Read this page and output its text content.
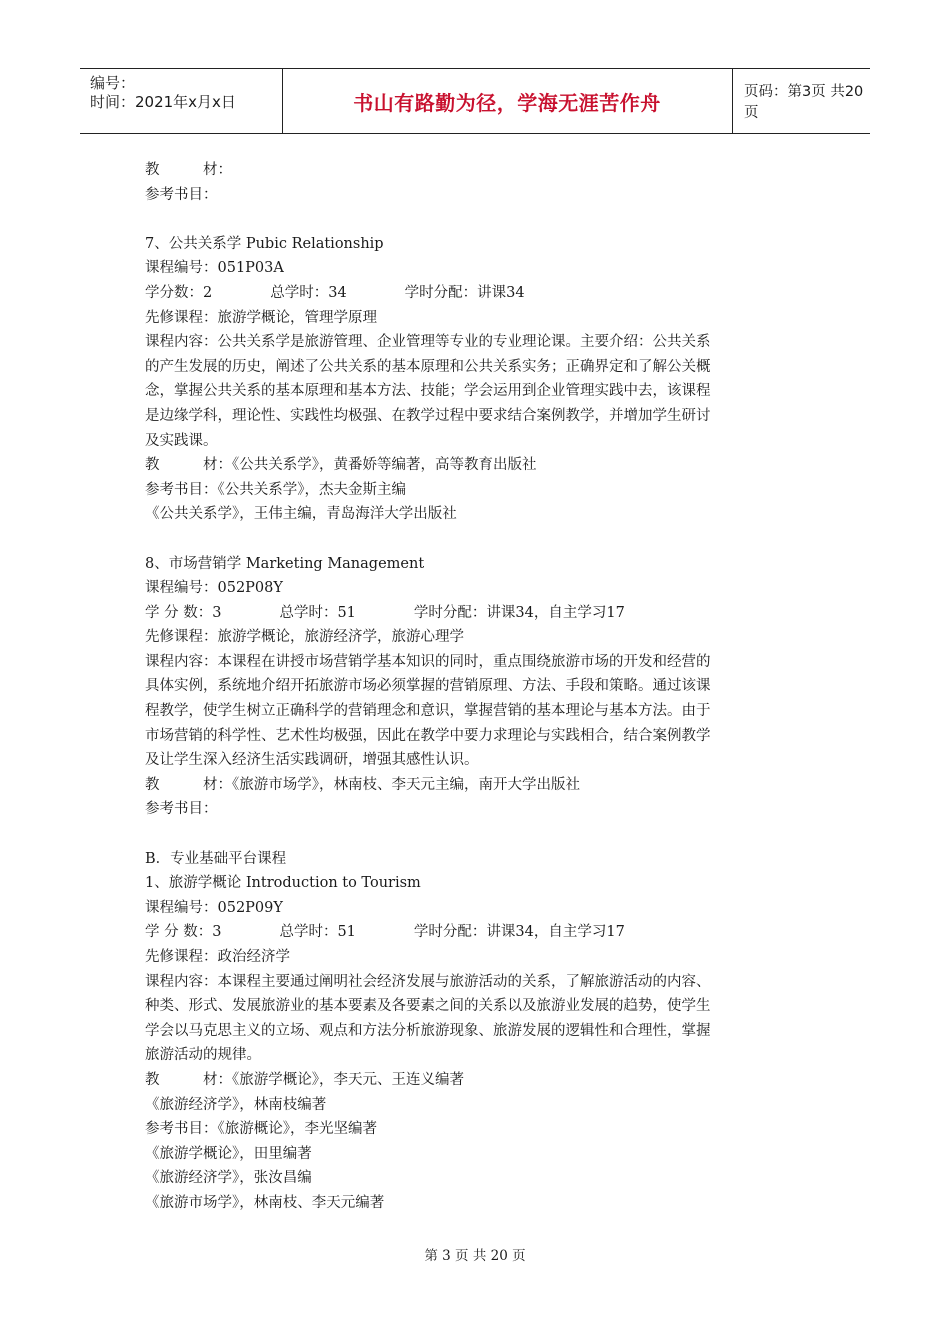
编号：
时间：2021年x月x日	书山有路勤为径，学海无涯苦作舟	页码：第3页 共20页
教　　　材：
参考书目：
7、公共关系学 Pubic Relationship
课程编号：051P03A
学分数：2　　　　总学时：34　　　　学时分配：讲课34
先修课程：旅游学概论，管理学原理
课程内容：公共关系学是旅游管理、企业管理等专业的专业理论课。主要介绍：公共关系
的产生发展的历史，阐述了公共关系的基本原理和公共关系实务；正确界定和了解公关概
念，掌握公共关系的基本原理和基本方法、技能；学会运用到企业管理实践中去，该课程
是边缘学科，理论性、实践性均极强、在教学过程中要求结合案例教学，并增加学生研讨
及实践课。
教　　　材：《公共关系学》，黄番娇等编著，高等教育出版社
参考书目：《公共关系学》，杰夫金斯主编
《公共关系学》，王伟主编，青岛海洋大学出版社
8、市场营销学 Marketing Management
课程编号：052P08Y
学 分 数：3　　　　总学时：51　　　　学时分配：讲课34，自主学习17
先修课程：旅游学概论，旅游经济学，旅游心理学
课程内容：本课程在讲授市场营销学基本知识的同时，重点围绕旅游市场的开发和经营的
具体实例，系统地介绍开拓旅游市场必须掌握的营销原理、方法、手段和策略。通过该课
程教学，使学生树立正确科学的营销理念和意识，掌握营销的基本理论与基本方法。由于
市场营销的科学性、艺术性均极强，因此在教学中要力求理论与实践相合，结合案例教学
及让学生深入经济生活实践调研，增强其感性认识。
教　　　材：《旅游市场学》，林南枝、李天元主编，南开大学出版社
参考书目：
B．专业基础平台课程
1、旅游学概论 Introduction to Tourism
课程编号：052P09Y
学 分 数：3　　　　总学时：51　　　　学时分配：讲课34，自主学习17
先修课程：政治经济学
课程内容：本课程主要通过阐明社会经济发展与旅游活动的关系，了解旅游活动的内容、
种类、形式、发展旅游业的基本要素及各要素之间的关系以及旅游业发展的趋势，使学生
学会以马克思主义的立场、观点和方法分析旅游现象、旅游发展的逻辑性和合理性，掌握
旅游活动的规律。
教　　　材：《旅游学概论》，李天元、王连义编著
《旅游经济学》，林南枝编著
参考书目：《旅游概论》，李光坚编著
《旅游学概论》，田里编著
《旅游经济学》，张汝昌编
《旅游市场学》，林南枝、李天元编著
第 3 页 共 20 页
